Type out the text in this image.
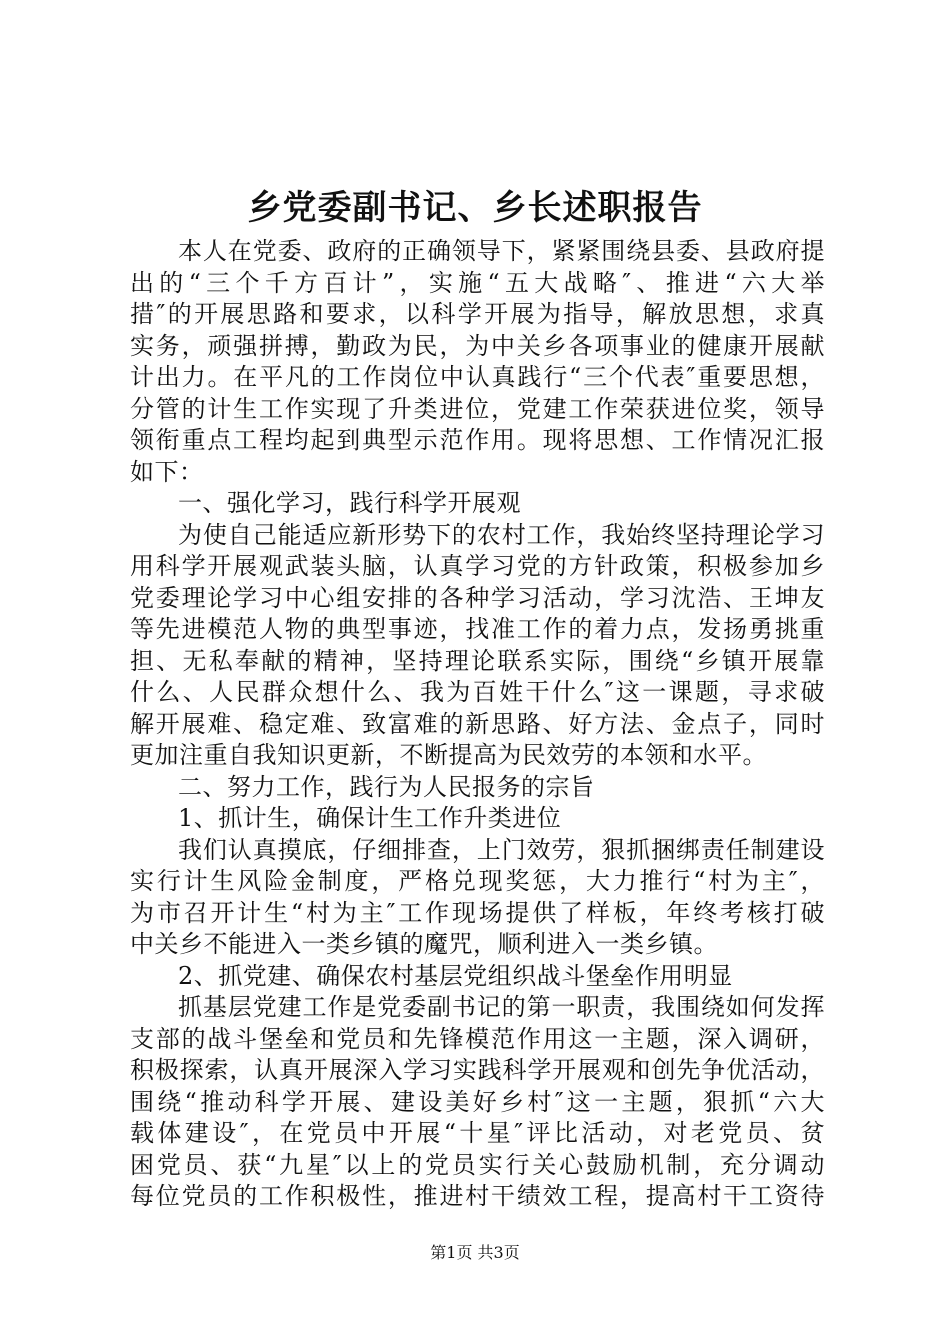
乡党委副书记、乡长述职报告
本人在党委、政府的正确领导下，紧紧围绕县委、县政府提
出的“三个千方百计”，实施“五大战略″、推进“六大举
措″的开展思路和要求，以科学开展为指导，解放思想，求真
实务，顽强拼搏，勤政为民，为中关乡各项事业的健康开展献
计出力。在平凡的工作岗位中认真践行“三个代表″重要思想，
分管的计生工作实现了升类进位，党建工作荣获进位奖，领导
领衔重点工程均起到典型示范作用。现将思想、工作情况汇报
如下：
一、强化学习，践行科学开展观
为使自己能适应新形势下的农村工作，我始终坚持理论学习
用科学开展观武装头脑，认真学习党的方针政策，积极参加乡
党委理论学习中心组安排的各种学习活动，学习沈浩、王坤友
等先进模范人物的典型事迹，找准工作的着力点，发扬勇挑重
担、无私奉献的精神，坚持理论联系实际，围绕“乡镇开展靠
什么、人民群众想什么、我为百姓干什么″这一课题，寻求破
解开展难、稳定难、致富难的新思路、好方法、金点子，同时
更加注重自我知识更新，不断提高为民效劳的本领和水平。
二、努力工作，践行为人民报务的宗旨
1、抓计生，确保计生工作升类进位
我们认真摸底，仔细排查，上门效劳，狠抓捆绑责任制建设
实行计生风险金制度，严格兑现奖惩，大力推行“村为主″，
为市召开计生“村为主″工作现场提供了样板，年终考核打破
中关乡不能进入一类乡镇的魔咒，顺利进入一类乡镇。
2、抓党建、确保农村基层党组织战斗堡垒作用明显
抓基层党建工作是党委副书记的第一职责，我围绕如何发挥
支部的战斗堡垒和党员和先锋模范作用这一主题，深入调研，
积极探索，认真开展深入学习实践科学开展观和创先争优活动，
围绕“推动科学开展、建设美好乡村″这一主题，狠抓“六大
载体建设″，在党员中开展“十星″评比活动，对老党员、贫
困党员、获“九星″以上的党员实行关心鼓励机制，充分调动
每位党员的工作积极性，推进村干绩效工程，提高村干工资待
第1页 共3页
